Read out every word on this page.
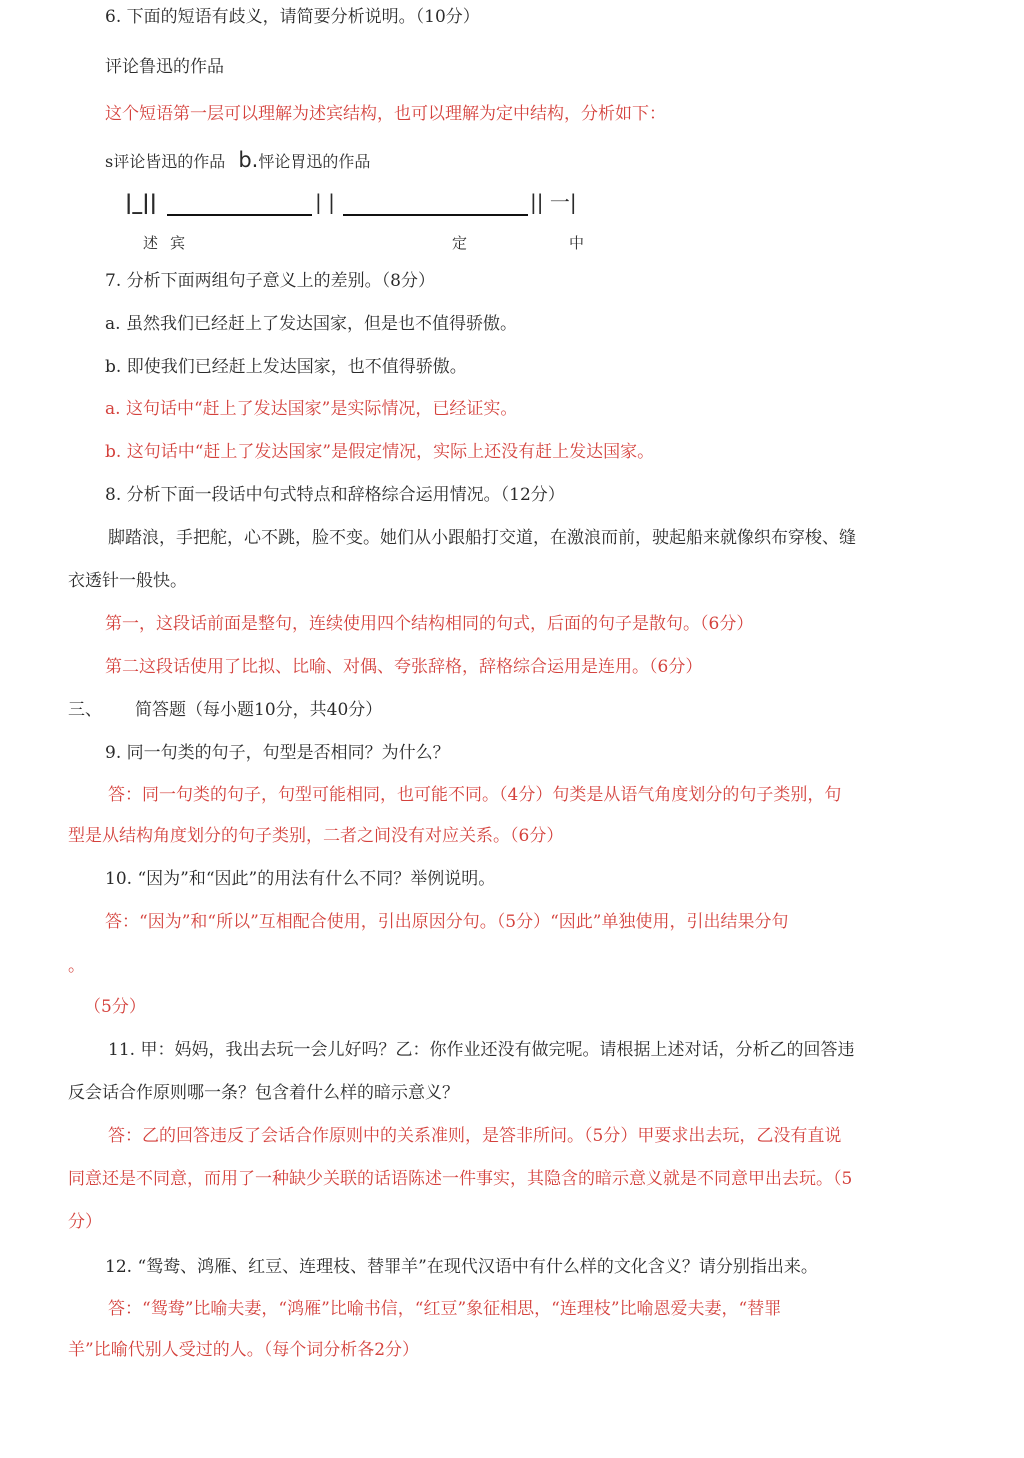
6. 下面的短语有歧义，请简要分析说明。（10分）
评论鲁迅的作品
这个短语第一层可以理解为述宾结构，也可以理解为定中结构，分析如下：
s评论皆迅的作品 b.怦论胃迅的作品
|_||	| |	|| 一|
述 宾	定	中
7. 分析下面两组句子意义上的差别。（8分）
a. 虽然我们已经赶上了发达国家，但是也不值得骄傲。
b. 即使我们已经赶上发达国家，也不值得骄傲。
a. 这句话中“赶上了发达国家”是实际情况，已经证实。
b. 这句话中“赶上了发达国家”是假定情况，实际上还没有赶上发达国家。
8. 分析下面一段话中句式特点和辞格综合运用情况。（12分）
脚踏浪，手把舵，心不跳，脸不变。她们从小跟船打交道，在激浪而前，驶起船来就像织布穿梭、缝
衣透针一般快。
第一，这段话前面是整句，连续使用四个结构相同的句式，后面的句子是散句。（6分）
第二这段话使用了比拟、比喻、对偶、夸张辞格，辞格综合运用是连用。（6分）
三、 简答题（每小题10分，共40分）
9. 同一句类的句子，句型是否相同？为什么？
答：同一句类的句子，句型可能相同，也可能不同。（4分）句类是从语气角度划分的句子类别，句
型是从结构角度划分的句子类别，二者之间没有对应关系。（6分）
10. “因为”和“因此”的用法有什么不同？举例说明。
答：“因为”和“所以”互相配合使用，引出原因分句。（5分）“因此”单独使用，引出结果分句
。
（5分）
11. 甲：妈妈，我出去玩一会儿好吗？乙：你作业还没有做完呢。请根据上述对话，分析乙的回答违
反会话合作原则哪一条？包含着什么样的暗示意义？
答：乙的回答违反了会话合作原则中的关系准则，是答非所问。（5分）甲要求出去玩，乙没有直说
同意还是不同意，而用了一种缺少关联的话语陈述一件事实，其隐含的暗示意义就是不同意甲出去玩。（5
分）
12. “鸳鸯、鸿雁、红豆、连理枝、替罪羊”在现代汉语中有什么样的文化含义？请分别指出来。
答：“鸳鸯”比喻夫妻，“鸿雁”比喻书信，“红豆”象征相思，“连理枝”比喻恩爱夫妻，“替罪
羊”比喻代别人受过的人。（每个词分析各2分）
